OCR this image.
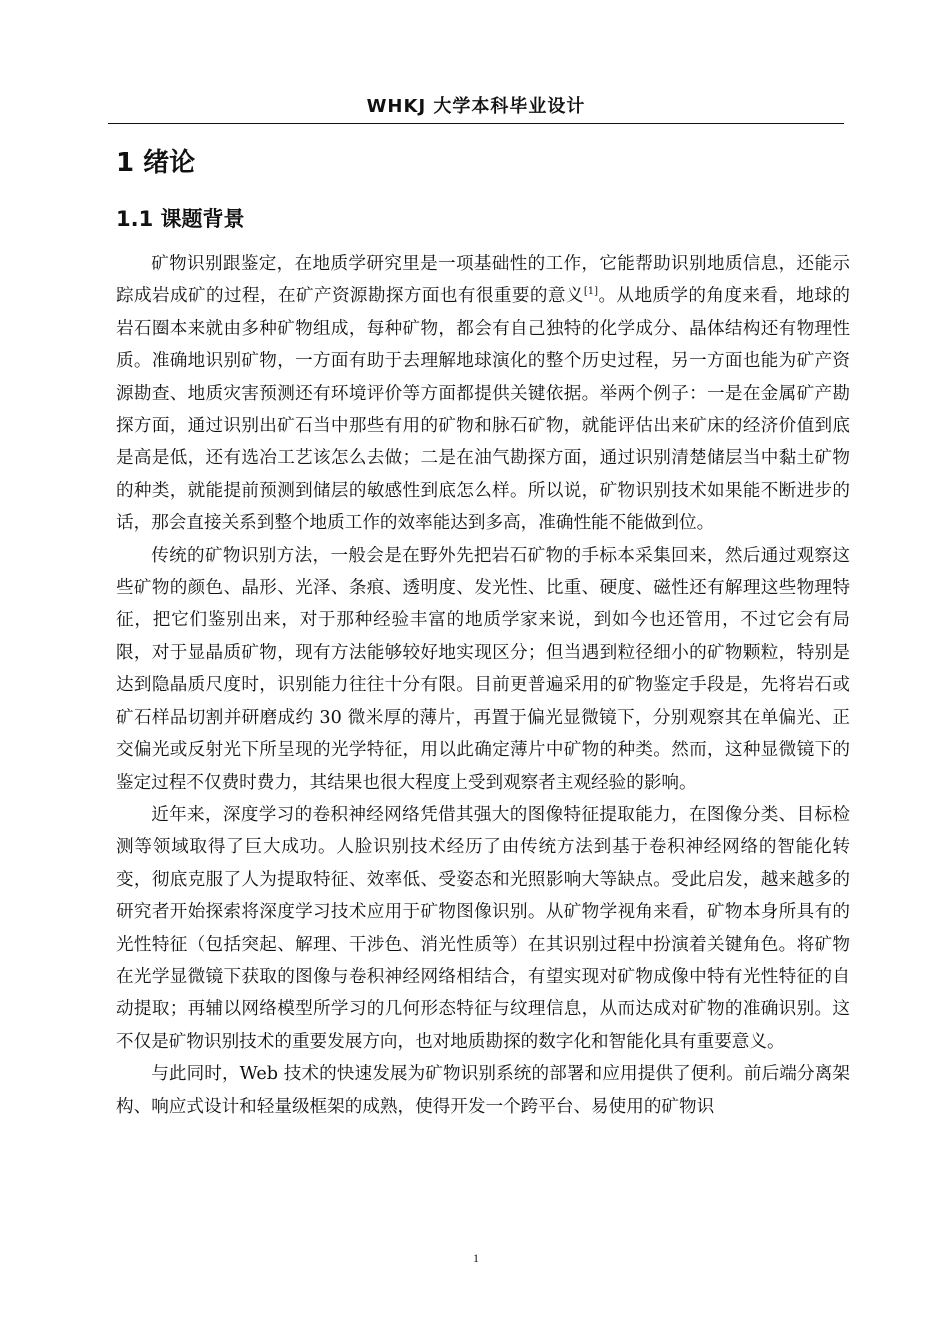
WHKJ 大学本科毕业设计
1 绪论
1.1 课题背景

矿物识别跟鉴定，在地质学研究里是一项基础性的工作，它能帮助识别地质信息，还能示踪成岩成矿的过程，在矿产资源勘探方面也有很重要的意义[1]。从地质学的角度来看，地球的岩石圈本来就由多种矿物组成，每种矿物，都会有自己独特的化学成分、晶体结构还有物理性质。准确地识别矿物，一方面有助于去理解地球演化的整个历史过程，另一方面也能为矿产资源勘查、地质灾害预测还有环境评价等方面都提供关键依据。举两个例子：一是在金属矿产勘探方面，通过识别出矿石当中那些有用的矿物和脉石矿物，就能评估出来矿床的经济价值到底是高是低，还有选冶工艺该怎么去做；二是在油气勘探方面，通过识别清楚储层当中黏土矿物的种类，就能提前预测到储层的敏感性到底怎么样。所以说，矿物识别技术如果能不断进步的话，那会直接关系到整个地质工作的效率能达到多高，准确性能不能做到位。

传统的矿物识别方法，一般会是在野外先把岩石矿物的手标本采集回来，然后通过观察这些矿物的颜色、晶形、光泽、条痕、透明度、发光性、比重、硬度、磁性还有解理这些物理特征，把它们鉴别出来，对于那种经验丰富的地质学家来说，到如今也还管用，不过它会有局限，对于显晶质矿物，现有方法能够较好地实现区分；但当遇到粒径细小的矿物颗粒，特别是达到隐晶质尺度时，识别能力往往十分有限。目前更普遍采用的矿物鉴定手段是，先将岩石或矿石样品切割并研磨成约 30 微米厚的薄片，再置于偏光显微镜下，分别观察其在单偏光、正交偏光或反射光下所呈现的光学特征，用以此确定薄片中矿物的种类。然而，这种显微镜下的鉴定过程不仅费时费力，其结果也很大程度上受到观察者主观经验的影响。

近年来，深度学习的卷积神经网络凭借其强大的图像特征提取能力，在图像分类、目标检测等领域取得了巨大成功。人脸识别技术经历了由传统方法到基于卷积神经网络的智能化转变，彻底克服了人为提取特征、效率低、受姿态和光照影响大等缺点。受此启发，越来越多的研究者开始探索将深度学习技术应用于矿物图像识别。从矿物学视角来看，矿物本身所具有的光性特征（包括突起、解理、干涉色、消光性质等）在其识别过程中扮演着关键角色。将矿物在光学显微镜下获取的图像与卷积神经网络相结合，有望实现对矿物成像中特有光性特征的自动提取；再辅以网络模型所学习的几何形态特征与纹理信息，从而达成对矿物的准确识别。这不仅是矿物识别技术的重要发展方向，也对地质勘探的数字化和智能化具有重要意义。

与此同时，Web 技术的快速发展为矿物识别系统的部署和应用提供了便利。前后端分离架构、响应式设计和轻量级框架的成熟，使得开发一个跨平台、易使用的矿物识

1
